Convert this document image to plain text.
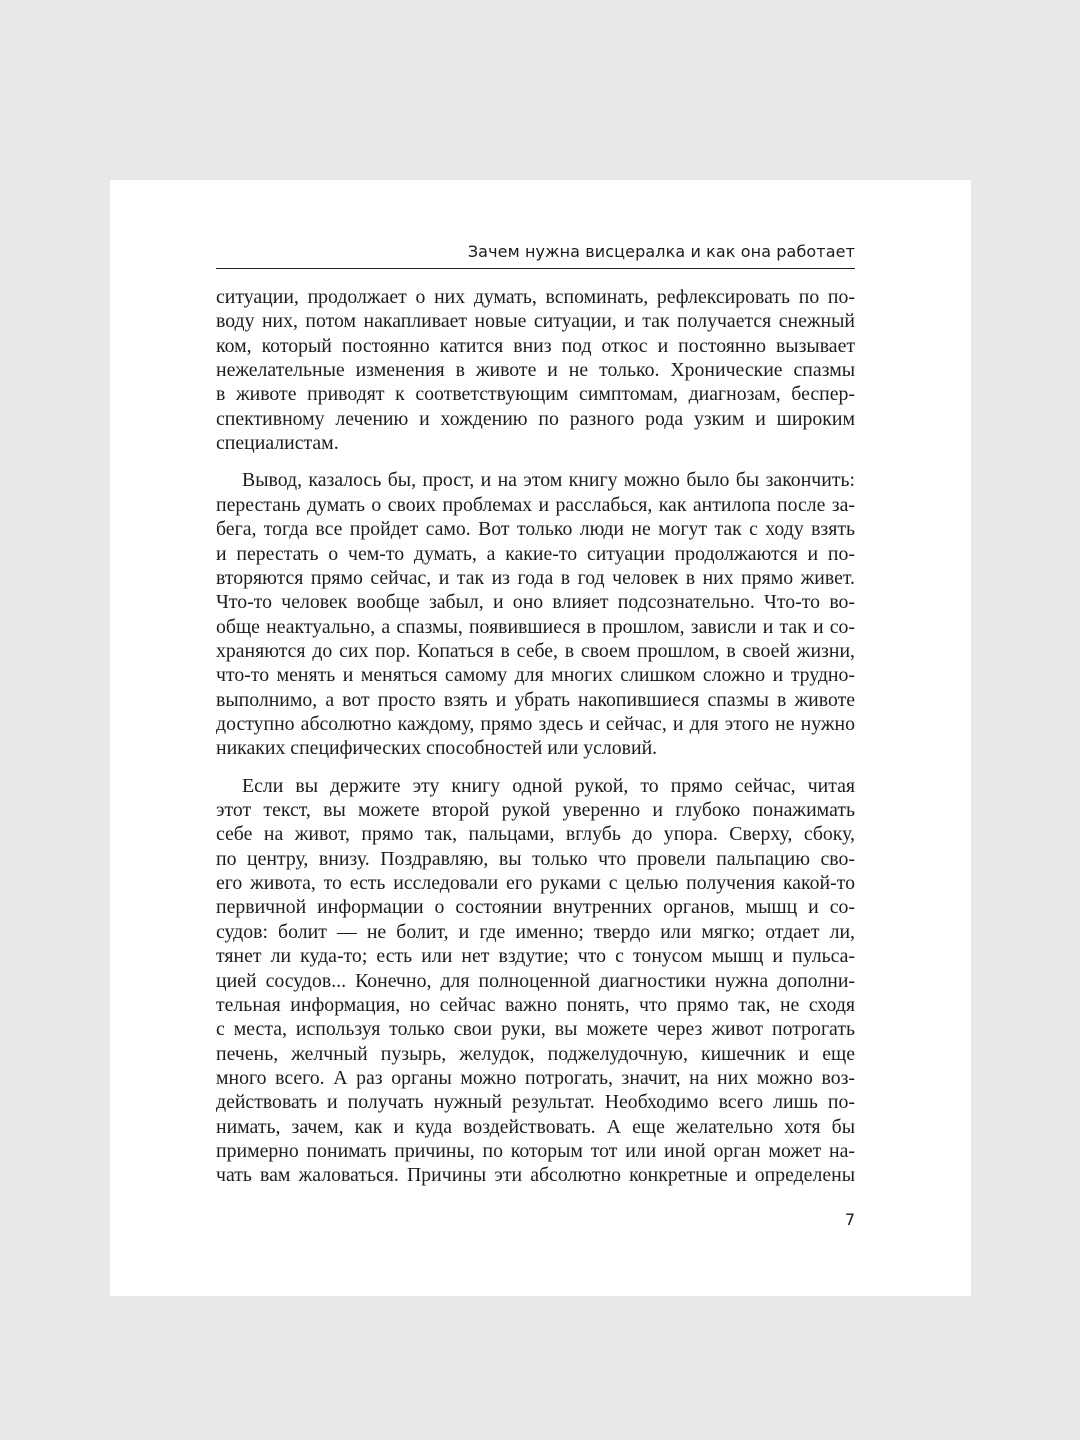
Зачем нужна висцералка и как она работает
ситуации, продолжает о них думать, вспоминать, рефлексировать по по-
воду них, потом накапливает новые ситуации, и так получается снежный
ком, который постоянно катится вниз под откос и постоянно вызывает
нежелательные изменения в животе и не только. Хронические спазмы
в животе приводят к соответствующим симптомам, диагнозам, беспер-
спективному лечению и хождению по разного рода узким и широким
специалистам.
Вывод, казалось бы, прост, и на этом книгу можно было бы закончить:
перестань думать о своих проблемах и расслабься, как антилопа после за-
бега, тогда все пройдет само. Вот только люди не могут так с ходу взять
и перестать о чем-то думать, а какие-то ситуации продолжаются и по-
вторяются прямо сейчас, и так из года в год человек в них прямо живет.
Что-то человек вообще забыл, и оно влияет подсознательно. Что-то во-
обще неактуально, а спазмы, появившиеся в прошлом, зависли и так и со-
храняются до сих пор. Копаться в себе, в своем прошлом, в своей жизни,
что-то менять и меняться самому для многих слишком сложно и трудно-
выполнимо, а вот просто взять и убрать накопившиеся спазмы в животе
доступно абсолютно каждому, прямо здесь и сейчас, и для этого не нужно
никаких специфических способностей или условий.
Если вы держите эту книгу одной рукой, то прямо сейчас, читая
этот текст, вы можете второй рукой уверенно и глубоко понажимать
себе на живот, прямо так, пальцами, вглубь до упора. Сверху, сбоку,
по центру, внизу. Поздравляю, вы только что провели пальпацию сво-
его живота, то есть исследовали его руками с целью получения какой-то
первичной информации о состоянии внутренних органов, мышц и со-
судов: болит — не болит, и где именно; твердо или мягко; отдает ли,
тянет ли куда-то; есть или нет вздутие; что с тонусом мышц и пульса-
цией сосудов... Конечно, для полноценной диагностики нужна дополни-
тельная информация, но сейчас важно понять, что прямо так, не сходя
с места, используя только свои руки, вы можете через живот потрогать
печень, желчный пузырь, желудок, поджелудочную, кишечник и еще
много всего. А раз органы можно потрогать, значит, на них можно воз-
действовать и получать нужный результат. Необходимо всего лишь по-
нимать, зачем, как и куда воздействовать. А еще желательно хотя бы
примерно понимать причины, по которым тот или иной орган может на-
чать вам жаловаться. Причины эти абсолютно конкретные и определены
7
